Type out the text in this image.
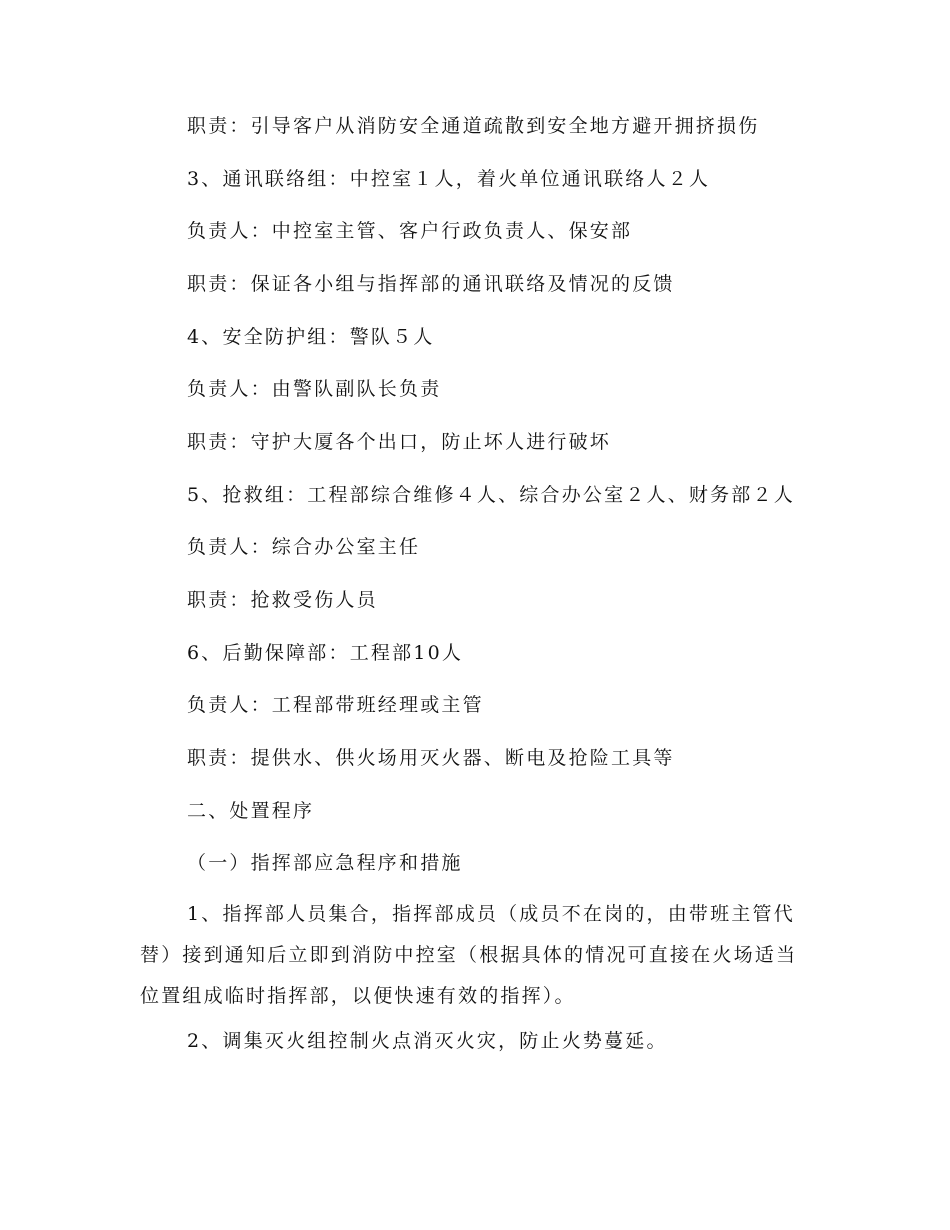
职责：引导客户从消防安全通道疏散到安全地方避开拥挤损伤
3、通讯联络组：中控室１人，着火单位通讯联络人２人
负责人：中控室主管、客户行政负责人、保安部
职责：保证各小组与指挥部的通讯联络及情况的反馈
4、安全防护组：警队５人
负责人：由警队副队长负责
职责：守护大厦各个出口，防止坏人进行破坏
5、抢救组：工程部综合维修４人、综合办公室２人、财务部２人
负责人：综合办公室主任
职责：抢救受伤人员
6、后勤保障部：工程部10人
负责人：工程部带班经理或主管
职责：提供水、供火场用灭火器、断电及抢险工具等
二、处置程序
（一）指挥部应急程序和措施
1、指挥部人员集合，指挥部成员（成员不在岗的，由带班主管代替）接到通知后立即到消防中控室（根据具体的情况可直接在火场适当位置组成临时指挥部，以便快速有效的指挥）。
2、调集灭火组控制火点消灭火灾，防止火势蔓延。
